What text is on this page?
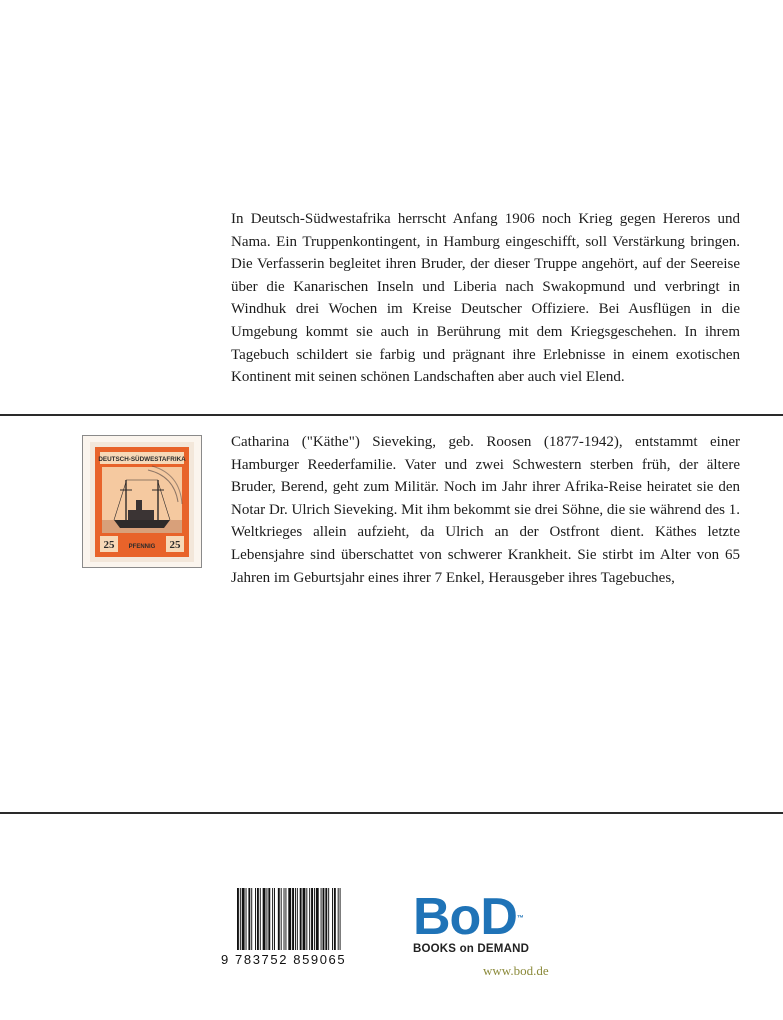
In Deutsch-Südwestafrika herrscht Anfang 1906 noch Krieg gegen Hereros und Nama. Ein Truppenkontingent, in Hamburg eingeschifft, soll Verstärkung bringen. Die Verfasserin begleitet ihren Bruder, der dieser Truppe angehört, auf der Seereise über die Kanarischen Inseln und Liberia nach Swakopmund und verbringt in Windhuk drei Wochen im Kreise Deutscher Offiziere. Bei Ausflügen in die Umgebung kommt sie auch in Berührung mit dem Kriegsgeschehen. In ihrem Tagebuch schildert sie farbig und prägnant ihre Erlebnisse in einem exotischen Kontinent mit seinen schönen Landschaften aber auch viel Elend.

DEUTSCH-SÜDWESTAFRIKA
25	25
PFENNIG

Catharina ("Käthe") Sieveking, geb. Roosen (1877-1942), entstammt einer Hamburger Reederfamilie. Vater und zwei Schwestern sterben früh, der ältere Bruder, Berend, geht zum Militär. Noch im Jahr ihrer Afrika-Reise heiratet sie den Notar Dr. Ulrich Sieveking. Mit ihm bekommt sie drei Söhne, die sie während des 1. Weltkrieges allein aufzieht, da Ulrich an der Ostfront dient. Käthes letzte Lebensjahre sind überschattet von schwerer Krankheit. Sie stirbt im Alter von 65 Jahren im Geburtsjahr eines ihrer 7 Enkel, Herausgeber ihres Tagebuches,

9 783752 859065
BoD™
BOOKS on DEMAND
www.bod.de
